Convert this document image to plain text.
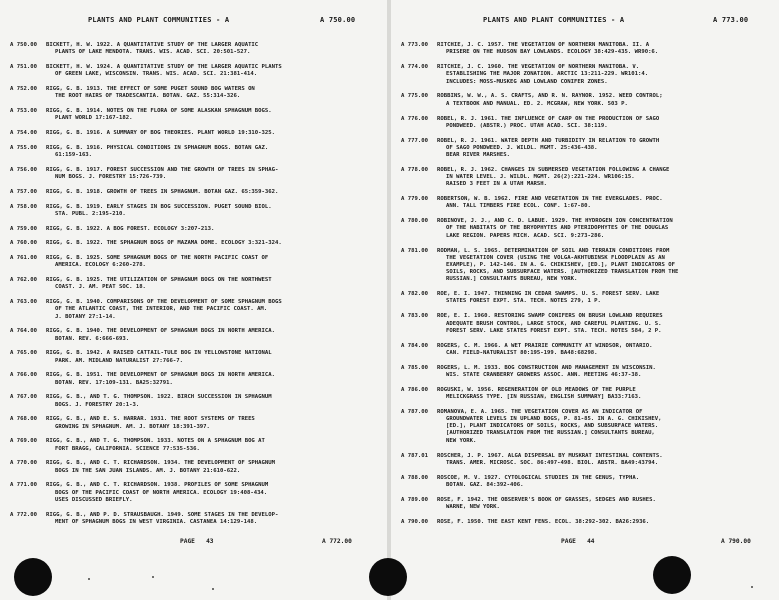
PLANTS AND PLANT COMMUNITIES - A	A 750.00
A 750.00 BICKETT, H. W. 1922. A QUANTITATIVE STUDY OF THE LARGER AQUATIC
PLANTS OF LAKE MENDOTA. TRANS. WIS. ACAD. SCI. 20:501-527.
A 751.00 BICKETT, H. W. 1924. A QUANTITATIVE STUDY OF THE LARGER AQUATIC PLANTS
OF GREEN LAKE, WISCONSIN. TRANS. WIS. ACAD. SCI. 21:381-414.
A 752.00 RIGG, G. B. 1913. THE EFFECT OF SOME PUGET SOUND BOG WATERS ON
THE ROOT HAIRS OF TRADESCANTIA. BOTAN. GAZ. 55:314-326.
A 753.00 RIGG, G. B. 1914. NOTES ON THE FLORA OF SOME ALASKAN SPHAGNUM BOGS.
PLANT WORLD 17:167-182.
A 754.00 RIGG, G. B. 1916. A SUMMARY OF BOG THEORIES. PLANT WORLD 19:310-325.
A 755.00 RIGG, G. B. 1916. PHYSICAL CONDITIONS IN SPHAGNUM BOGS. BOTAN GAZ.
61:159-163.
A 756.00 RIGG, G. B. 1917. FOREST SUCCESSION AND THE GROWTH OF TREES IN SPHAG-
NUM BOGS. J. FORESTRY 15:726-739.
A 757.00 RIGG, G. B. 1918. GROWTH OF TREES IN SPHAGNUM. BOTAN GAZ. 65:359-362.
A 758.00 RIGG, G. B. 1919. EARLY STAGES IN BOG SUCCESSION. PUGET SOUND BIOL.
STA. PUBL. 2:195-210.
A 759.00 RIGG, G. B. 1922. A BOG FOREST. ECOLOGY 3:207-213.
A 760.00 RIGG, G. B. 1922. THE SPHAGNUM BOGS OF MAZAMA DOME. ECOLOGY 3:321-324.
A 761.00 RIGG, G. B. 1925. SOME SPHAGNUM BOGS OF THE NORTH PACIFIC COAST OF
AMERICA. ECOLOGY 6:260-278.
A 762.00 RIGG, G. B. 1925. THE UTILIZATION OF SPHAGNUM BOGS ON THE NORTHWEST
COAST. J. AM. PEAT SOC. 18.
A 763.00 RIGG, G. B. 1940. COMPARISONS OF THE DEVELOPMENT OF SOME SPHAGNUM BOGS
OF THE ATLANTIC COAST, THE INTERIOR, AND THE PACIFIC COAST. AM.
J. BOTANY 27:1-14.
A 764.00 RIGG, G. B. 1940. THE DEVELOPMENT OF SPHAGNUM BOGS IN NORTH AMERICA.
BOTAN. REV. 6:666-693.
A 765.00 RIGG, G. B. 1942. A RAISED CATTAIL-TULE BOG IN YELLOWSTONE NATIONAL
PARK. AM. MIDLAND NATURALIST 27:766-7.
A 766.00 RIGG, G. B. 1951. THE DEVELOPMENT OF SPHAGNUM BOGS IN NORTH AMERICA.
BOTAN. REV. 17:109-131. BA25:32791.
A 767.00 RIGG, G. B., AND T. G. THOMPSON. 1922. BIRCH SUCCESSION IN SPHAGNUM
BOGS. J. FORESTRY 20:1-3.
A 768.00 RIGG, G. B., AND E. S. HARRAR. 1931. THE ROOT SYSTEMS OF TREES
GROWING IN SPHAGNUM. AM. J. BOTANY 18:391-397.
A 769.00 RIGG, G. B., AND T. G. THOMPSON. 1933. NOTES ON A SPHAGNUM BOG AT
FORT BRAGG, CALIFORNIA. SCIENCE 77:535-536.
A 770.00 RIGG, G. B., AND C. T. RICHARDSON. 1934. THE DEVELOPMENT OF SPHAGNUM
BOGS IN THE SAN JUAN ISLANDS. AM. J. BOTANY 21:610-622.
A 771.00 RIGG, G. B., AND C. T. RICHARDSON. 1938. PROFILES OF SOME SPHAGNUM
BOGS OF THE PACIFIC COAST OF NORTH AMERICA. ECOLOGY 19:408-434.
USES DISCUSSED BRIEFLY.
A 772.00 RIGG, G. B., AND P. D. STRAUSBAUGH. 1949. SOME STAGES IN THE DEVELOP-
MENT OF SPHAGNUM BOGS IN WEST VIRGINIA. CASTANEA 14:129-148.
PAGE   43	A 772.00
PLANTS AND PLANT COMMUNITIES - A	A 773.00
A 773.00 RITCHIE, J. C. 1957. THE VEGETATION OF NORTHERN MANITOBA. II. A
PRISERE ON THE HUDSON BAY LOWLANDS. ECOLOGY 38:429-435. WR90:6.
A 774.00 RITCHIE, J. C. 1960. THE VEGETATION OF NORTHERN MANITOBA. V.
ESTABLISHING THE MAJOR ZONATION. ARCTIC 13:211-229. WR101:4.
INCLUDES: MOSS-MUSKEG AND LOWLAND CONIFER ZONES.
A 775.00 ROBBINS, W. W., A. S. CRAFTS, AND R. N. RAYNOR. 1952. WEED CONTROL;
A TEXTBOOK AND MANUAL. ED. 2. MCGRAW, NEW YORK. 503 P.
A 776.00 ROBEL, R. J. 1961. THE INFLUENCE OF CARP ON THE PRODUCTION OF SAGO
PONDWEED. (ABSTR.) PROC. UTAH ACAD. SCI. 38:119.
A 777.00 ROBEL, R. J. 1961. WATER DEPTH AND TURBIDITY IN RELATION TO GROWTH
OF SAGO PONDWEED. J. WILDL. MGMT. 25:436-438.
BEAR RIVER MARSHES.
A 778.00 ROBEL, R. J. 1962. CHANGES IN SUBMERSED VEGETATION FOLLOWING A CHANGE
IN WATER LEVEL. J. WILDL. MGMT. 26(2):221-224. WR106:15.
RAISED 3 FEET IN A UTAH MARSH.
A 779.00 ROBERTSON, W. B. 1962. FIRE AND VEGETATION IN THE EVERGLADES. PROC.
ANN. TALL TIMBERS FIRE ECOL. CONF. 1:67-80.
A 780.00 ROBINOVE, J. J., AND C. D. LABUE. 1929. THE HYDROGEN ION CONCENTRATION
OF THE HABITATS OF THE BRYOPHYTES AND PTERIDOPHYTES OF THE DOUGLAS
LAKE REGION. PAPERS MICH. ACAD. SCI. 9:273-286.
A 781.00 RODMAN, L. S. 1965. DETERMINATION OF SOIL AND TERRAIN CONDITIONS FROM
THE VEGETATION COVER (USING THE VOLGA-AKHTUBINSK FLOODPLAIN AS AN
EXAMPLE), P. 142-146. IN A. G. CHIKISHEV, [ED.], PLANT INDICATORS OF
SOILS, ROCKS, AND SUBSURFACE WATERS. [AUTHORIZED TRANSLATION FROM THE
RUSSIAN.] CONSULTANTS BUREAU, NEW YORK.
A 782.00 ROE, E. I. 1947. THINNING IN CEDAR SWAMPS. U. S. FOREST SERV. LAKE
STATES FOREST EXPT. STA. TECH. NOTES 279, 1 P.
A 783.00 ROE, E. I. 1960. RESTORING SWAMP CONIFERS ON BRUSH LOWLAND REQUIRES
ADEQUATE BRUSH CONTROL, LARGE STOCK, AND CAREFUL PLANTING. U. S.
FOREST SERV. LAKE STATES FOREST EXPT. STA. TECH. NOTES 584, 2 P.
A 784.00 ROGERS, C. M. 1966. A WET PRAIRIE COMMUNITY AT WINDSOR, ONTARIO.
CAN. FIELD-NATURALIST 80:195-199. BA48:68298.
A 785.00 ROGERS, L. M. 1933. BOG CONSTRUCTION AND MANAGEMENT IN WISCONSIN.
WIS. STATE CRANBERRY GROWERS ASSOC. ANN. MEETING 46:37-38.
A 786.00 ROGUSKI, W. 1956. REGENERATION OF OLD MEADOWS OF THE PURPLE
MELICKGRASS TYPE. [IN RUSSIAN, ENGLISH SUMMARY] BA33:7163.
A 787.00 ROMANOVA, E. A. 1965. THE VEGETATION COVER AS AN INDICATOR OF
GROUNDWATER LEVELS IN UPLAND BOGS, P. 81-85. IN A. G. CHIKISHEV,
[ED.], PLANT INDICATORS OF SOILS, ROCKS, AND SUBSURFACE WATERS.
[AUTHORIZED TRANSLATION FROM THE RUSSIAN.] CONSULTANTS BUREAU,
NEW YORK.
A 787.01 ROSCHER, J. P. 1967. ALGA DISPERSAL BY MUSKRAT INTESTINAL CONTENTS.
TRANS. AMER. MICROSC. SOC. 86:497-498. BIOL. ABSTR. BA49:43794.
A 788.00 ROSCOE, M. V. 1927. CYTOLOGICAL STUDIES IN THE GENUS, TYPHA.
BOTAN. GAZ. 84:392-406.
A 789.00 ROSE, F. 1942. THE OBSERVER'S BOOK OF GRASSES, SEDGES AND RUSHES.
WARNE, NEW YORK.
A 790.00 ROSE, F. 1950. THE EAST KENT FENS. ECOL. 38:292-302. BA26:2936.
PAGE   44	A 790.00
